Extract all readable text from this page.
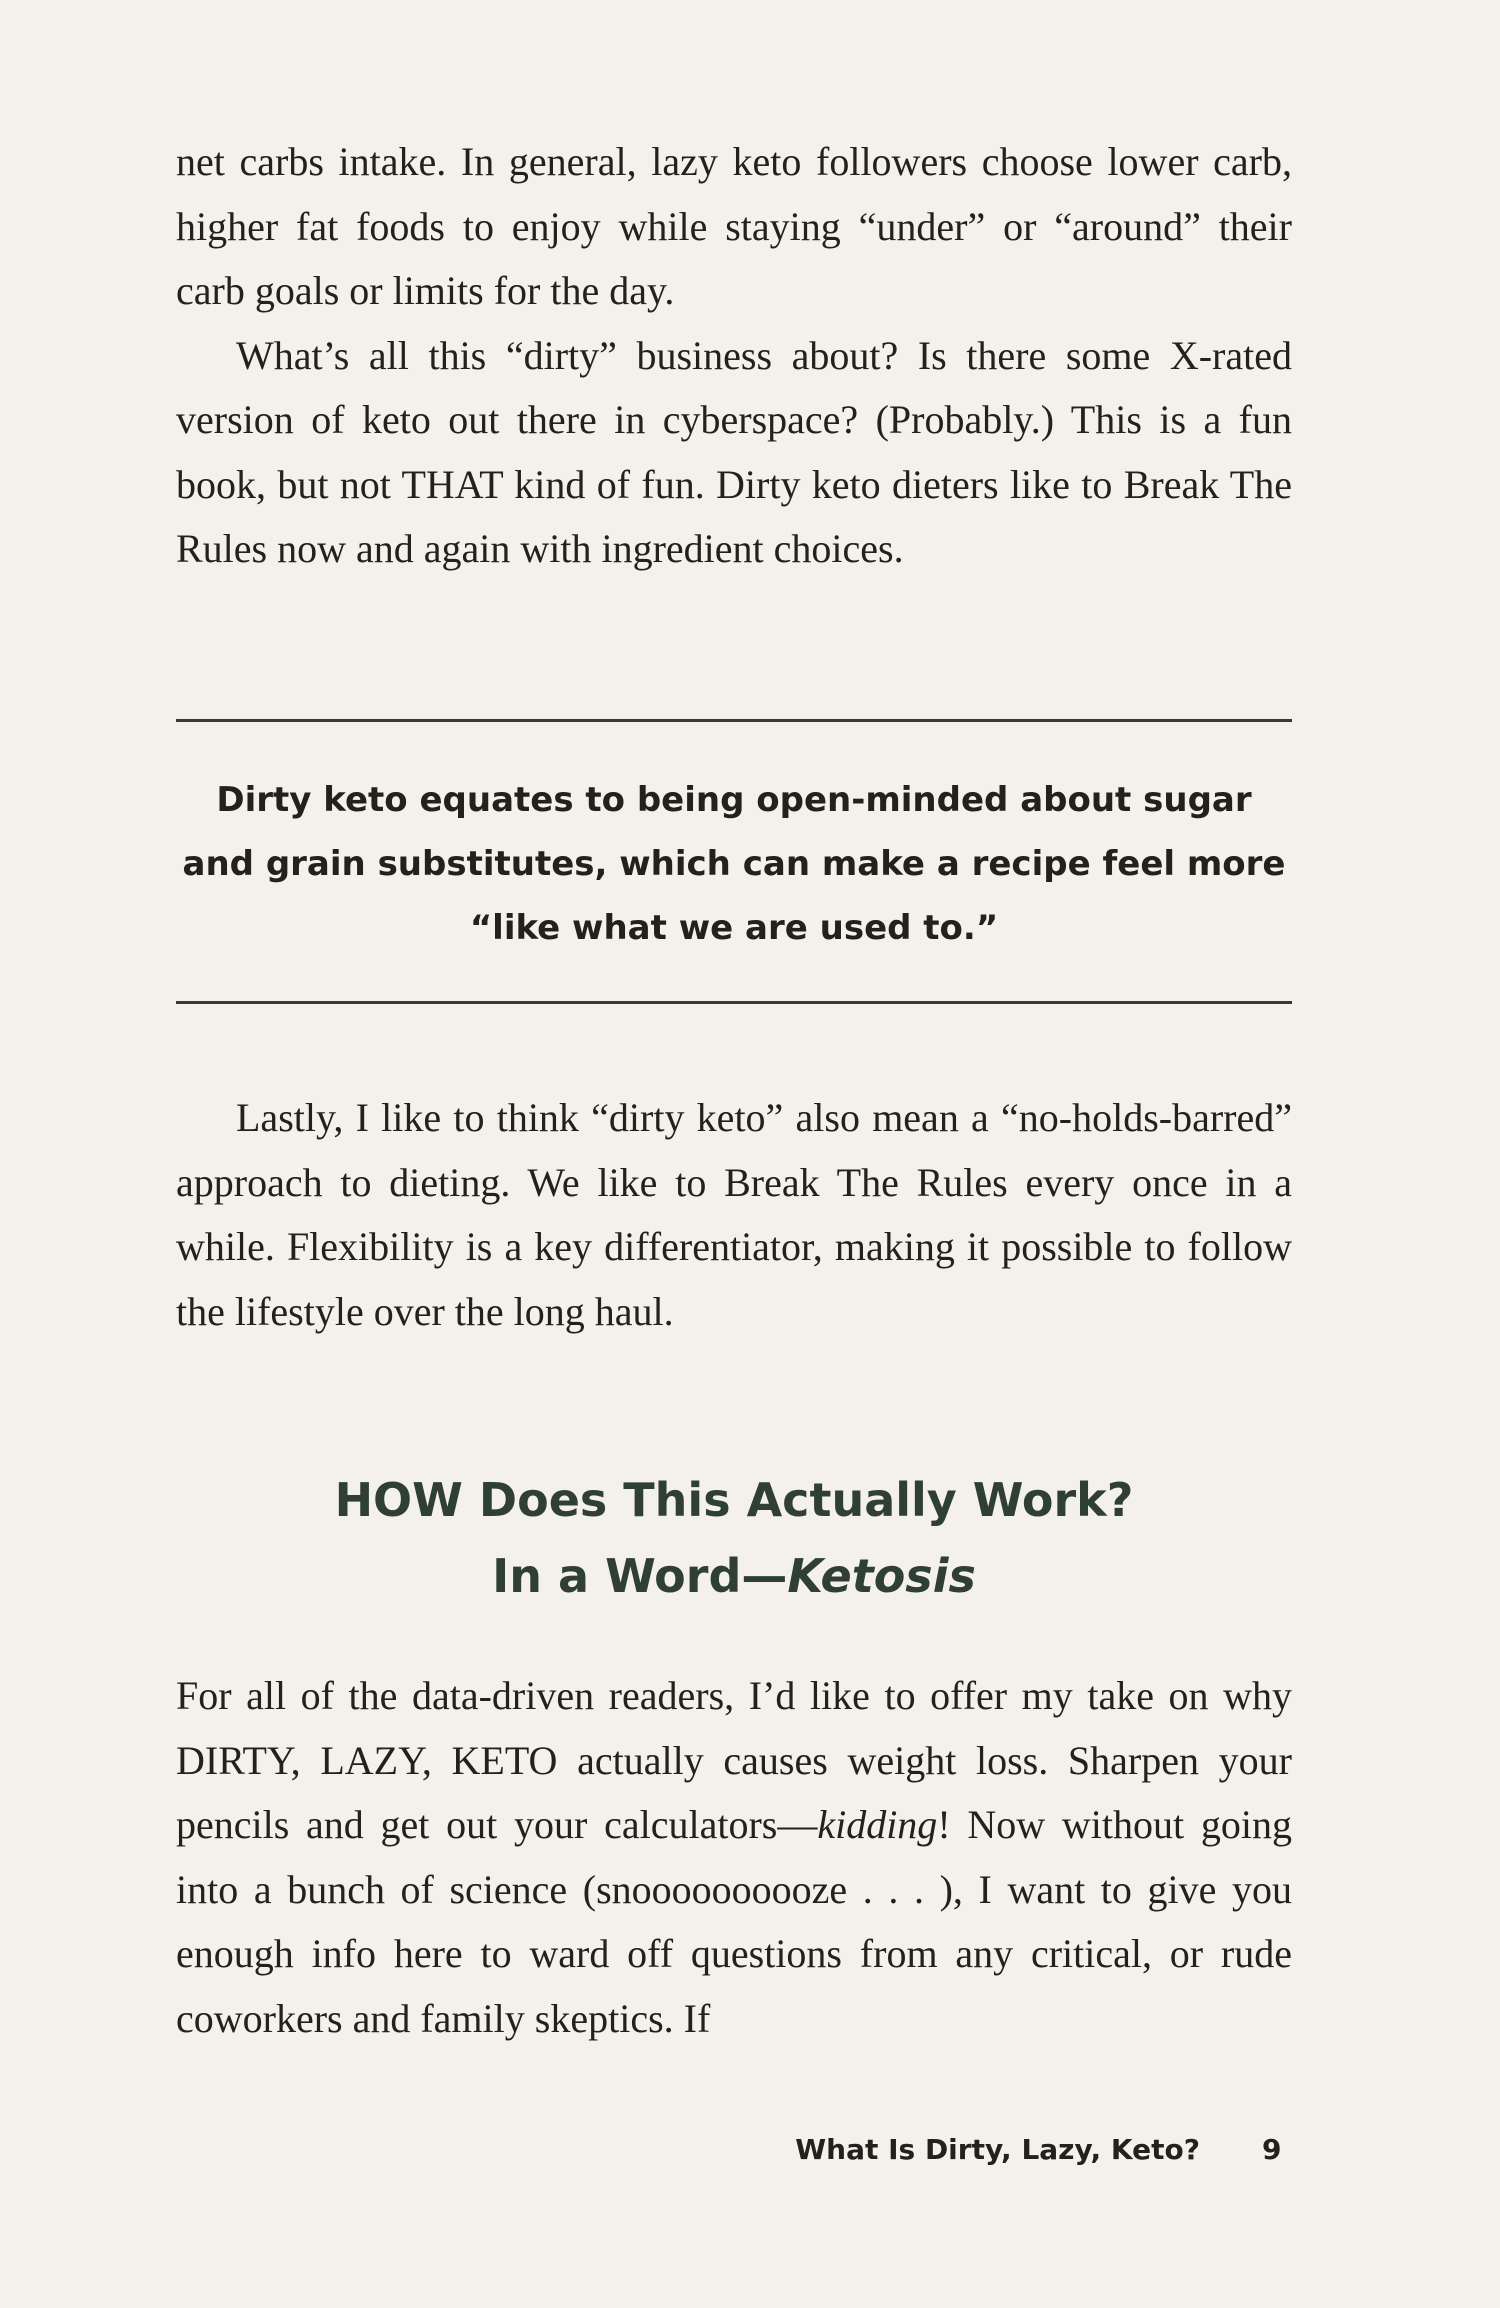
net carbs intake. In general, lazy keto followers choose lower carb, higher fat foods to enjoy while staying “under” or “around” their carb goals or limits for the day.

What’s all this “dirty” business about? Is there some X-rated version of keto out there in cyberspace? (Probably.) This is a fun book, but not THAT kind of fun. Dirty keto dieters like to Break The Rules now and again with ingredient choices.

Dirty keto equates to being open-minded about sugar and grain substitutes, which can make a recipe feel more “like what we are used to.”

Lastly, I like to think “dirty keto” also mean a “no-holds-barred” approach to dieting. We like to Break The Rules every once in a while. Flexibility is a key differentiator, making it possible to follow the lifestyle over the long haul.

HOW Does This Actually Work?
In a Word—Ketosis

For all of the data-driven readers, I’d like to offer my take on why DIRTY, LAZY, KETO actually causes weight loss. Sharpen your pencils and get out your calculators—kidding! Now without going into a bunch of science (snoooooooooze . . . ), I want to give you enough info here to ward off questions from any critical, or rude coworkers and family skeptics. If

What Is Dirty, Lazy, Keto? 9
